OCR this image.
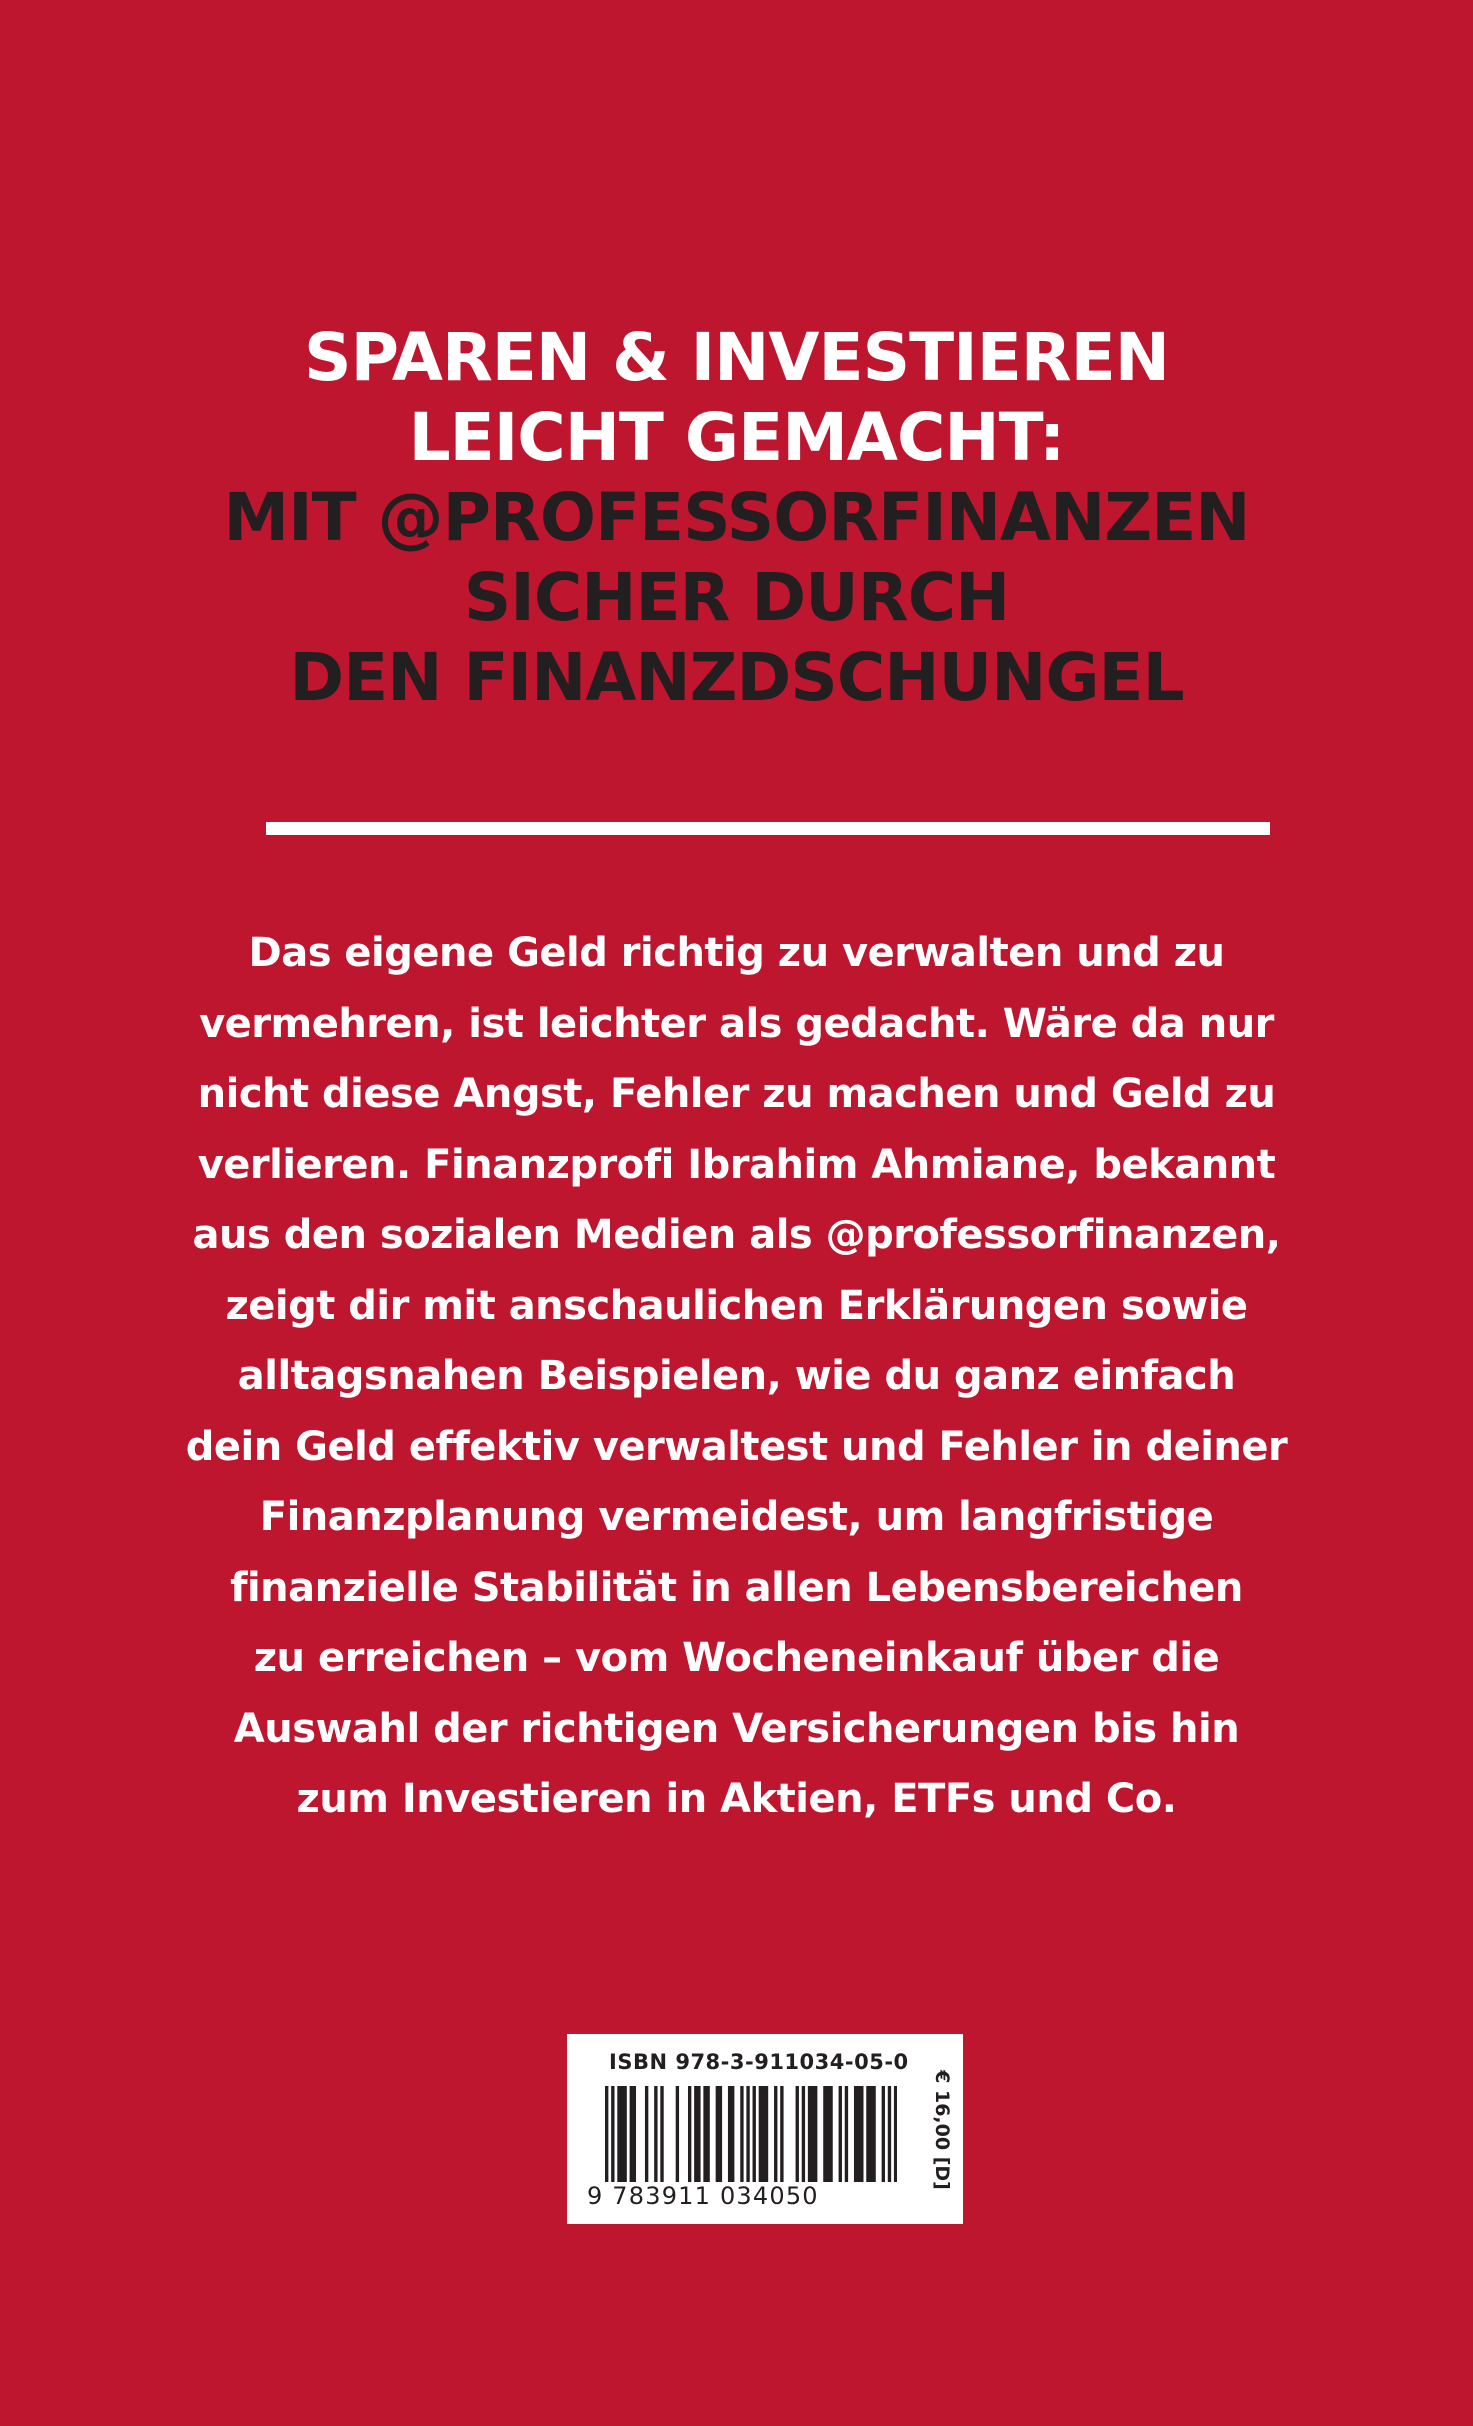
SPAREN & INVESTIEREN
LEICHT GEMACHT:
MIT @PROFESSORFINANZEN
SICHER DURCH
DEN FINANZDSCHUNGEL
Das eigene Geld richtig zu verwalten und zu
vermehren, ist leichter als gedacht. Wäre da nur
nicht diese Angst, Fehler zu machen und Geld zu
verlieren. Finanzprofi Ibrahim Ahmiane, bekannt
aus den sozialen Medien als @professorfinanzen,
zeigt dir mit anschaulichen Erklärungen sowie
alltagsnahen Beispielen, wie du ganz einfach
dein Geld effektiv verwaltest und Fehler in deiner
Finanzplanung vermeidest, um langfristige
finanzielle Stabilität in allen Lebensbereichen
zu erreichen – vom Wocheneinkauf über die
Auswahl der richtigen Versicherungen bis hin
zum Investieren in Aktien, ETFs und Co.
ISBN 978-3-911034-05-0
9 783911 034050
€ 16,00 [D]
